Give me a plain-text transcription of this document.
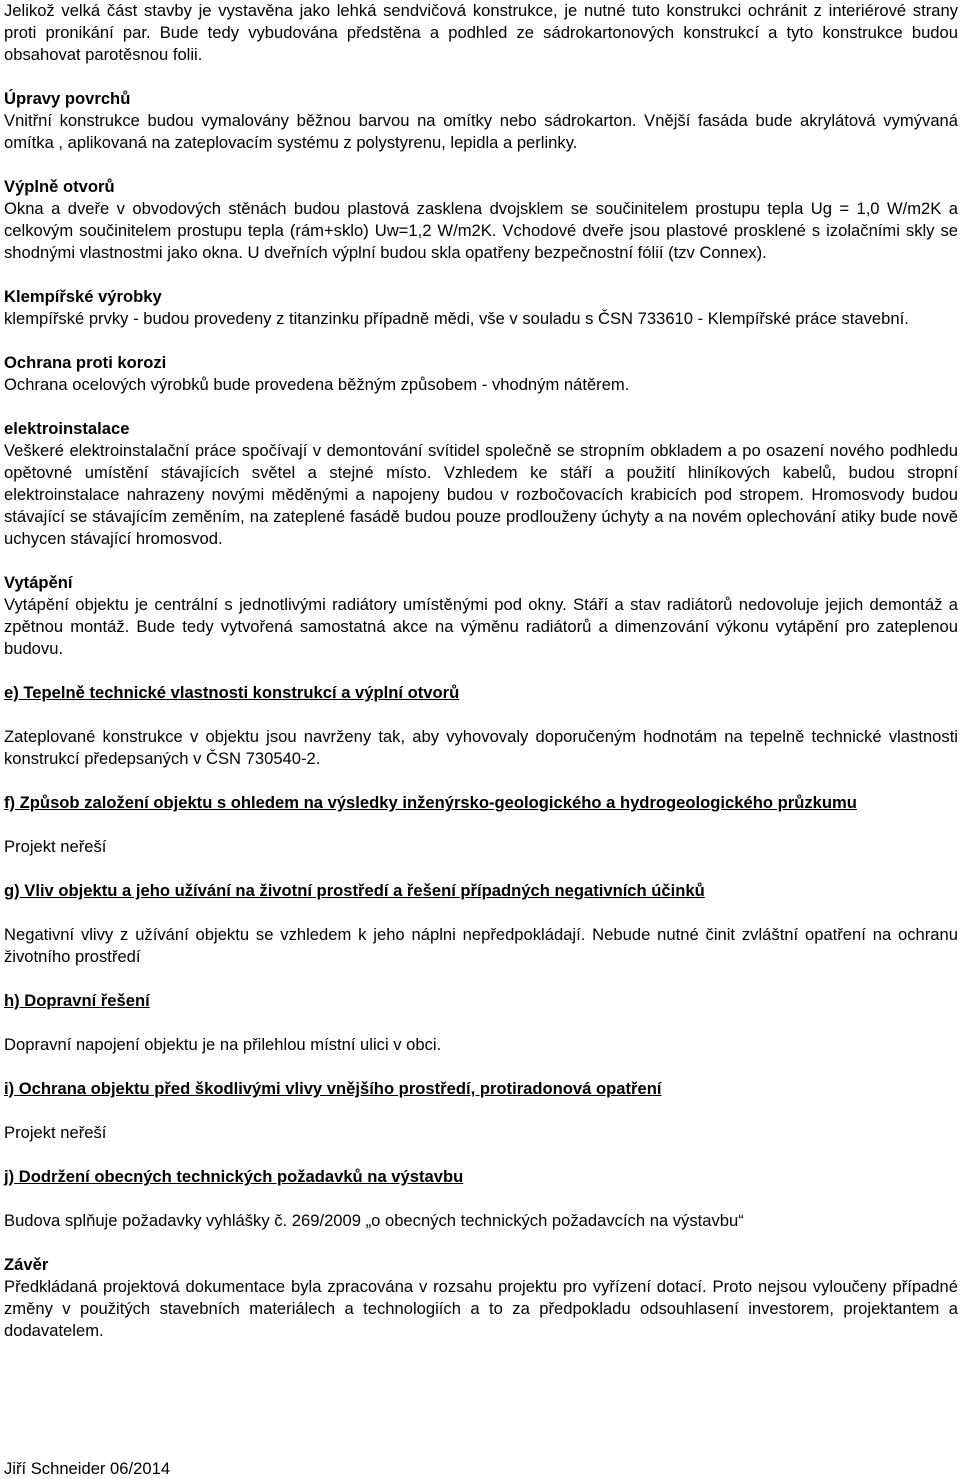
Jelikož velká část stavby je vystavěna jako lehká sendvičová konstrukce, je nutné tuto konstrukci ochránit z interiérové strany proti pronikání par. Bude tedy vybudována předstěna a podhled ze sádrokartonových konstrukcí a tyto konstrukce budou obsahovat parotěsnou folii.

Úpravy povrchů

Vnitřní konstrukce budou vymalovány běžnou barvou na omítky nebo sádrokarton. Vnější fasáda bude akrylátová vymývaná omítka , aplikovaná na zateplovacím systému z polystyrenu, lepidla a perlinky.

Výplně otvorů

Okna a dveře v obvodových stěnách budou plastová zasklena dvojsklem se součinitelem prostupu tepla Ug = 1,0 W/m2K a celkovým součinitelem prostupu tepla (rám+sklo) Uw=1,2 W/m2K. Vchodové dveře jsou plastové prosklené s izolačními skly se shodnými vlastnostmi jako okna. U dveřních výplní budou skla opatřeny bezpečnostní fólií (tzv Connex).

Klempířské výrobky

klempířské prvky - budou provedeny z titanzinku případně mědi, vše v souladu s ČSN 733610 - Klempířské práce stavební.

Ochrana proti korozi

Ochrana ocelových výrobků bude provedena běžným způsobem - vhodným nátěrem.

elektroinstalace

Veškeré elektroinstalační práce spočívají v demontování svítidel společně se stropním obkladem a po osazení nového podhledu opětovné umístění stávajících světel a stejné místo. Vzhledem ke stáří a použití hliníkových kabelů, budou stropní elektroinstalace nahrazeny novými měděnými a napojeny budou v rozbočovacích krabicích pod stropem. Hromosvody budou stávající se stávajícím zeměním, na zateplené fasádě budou pouze prodlouženy úchyty a na novém oplechování atiky bude nově uchycen stávající hromosvod.

Vytápění

Vytápění objektu je centrální s jednotlivými radiátory umístěnými pod okny. Stáří a stav radiátorů nedovoluje jejich demontáž a zpětnou montáž. Bude tedy vytvořená samostatná akce na výměnu radiátorů a dimenzování výkonu vytápění pro zateplenou budovu.

e) Tepelně technické vlastnosti konstrukcí a výplní otvorů

Zateplované konstrukce v objektu jsou navrženy tak, aby vyhovovaly doporučeným hodnotám na tepelně technické vlastnosti konstrukcí předepsaných v ČSN 730540-2.

f) Způsob založení objektu s ohledem na výsledky inženýrsko-geologického a hydrogeologického průzkumu

Projekt neřeší

g) Vliv objektu a jeho užívání na životní prostředí a řešení případných negativních účinků

Negativní vlivy z užívání objektu se vzhledem k jeho náplni nepředpokládají. Nebude nutné činit zvláštní opatření na ochranu životního prostředí

h) Dopravní řešení

Dopravní napojení objektu je na přilehlou místní ulici v obci.

i) Ochrana objektu před škodlivými vlivy vnějšího prostředí, protiradonová opatření

Projekt neřeší

j) Dodržení obecných technických požadavků na výstavbu

Budova splňuje požadavky vyhlášky č. 269/2009 „o obecných technických požadavcích na výstavbu“

Závěr

Předkládaná projektová dokumentace byla zpracována v rozsahu projektu pro vyřízení dotací. Proto nejsou vyloučeny případné změny v použitých stavebních materiálech a technologiích a to za předpokladu odsouhlasení investorem, projektantem a dodavatelem.

Jiří Schneider 06/2014
